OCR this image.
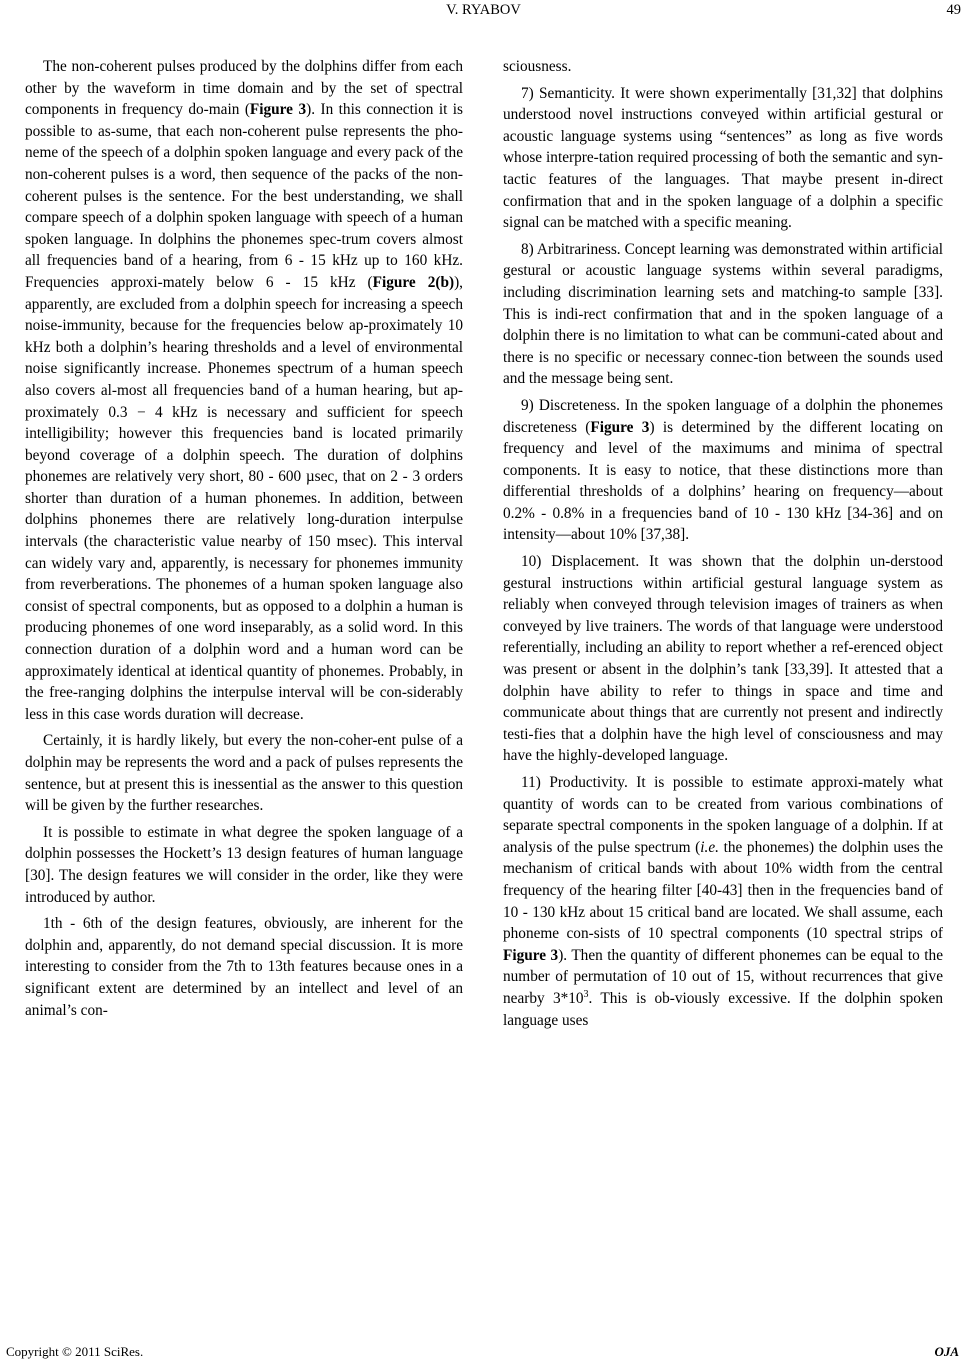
V. RYABOV	49

The non-coherent pulses produced by the dolphins differ from each other by the waveform in time domain and by the set of spectral components in frequency do-main (Figure 3). In this connection it is possible to as-sume, that each non-coherent pulse represents the pho-neme of the speech of a dolphin spoken language and every pack of the non-coherent pulses is a word, then sequence of the packs of the non-coherent pulses is the sentence. For the best understanding, we shall compare speech of a dolphin spoken language with speech of a human spoken language. In dolphins the phonemes spec-trum covers almost all frequencies band of a hearing, from 6 - 15 kHz up to 160 kHz. Frequencies approxi-mately below 6 - 15 kHz (Figure 2(b)), apparently, are excluded from a dolphin speech for increasing a speech noise-immunity, because for the frequencies below ap-proximately 10 kHz both a dolphin’s hearing thresholds and a level of environmental noise significantly increase. Phonemes spectrum of a human speech also covers al-most all frequencies band of a human hearing, but ap-proximately 0.3 − 4 kHz is necessary and sufficient for speech intelligibility; however this frequencies band is located primarily beyond coverage of a dolphin speech. The duration of dolphins phonemes are relatively very short, 80 - 600 µsec, that on 2 - 3 orders shorter than duration of a human phonemes. In addition, between dolphins phonemes there are relatively long-duration interpulse intervals (the characteristic value nearby of 150 msec). This interval can widely vary and, apparently, is necessary for phonemes immunity from reverberations. The phonemes of a human spoken language also consist of spectral components, but as opposed to a dolphin a human is producing phonemes of one word inseparably, as a solid word. In this connection duration of a dolphin word and a human word can be approximately identical at identical quantity of phonemes. Probably, in the free-ranging dolphins the interpulse interval will be con-siderably less in this case words duration will decrease.

Certainly, it is hardly likely, but every the non-coher-ent pulse of a dolphin may be represents the word and a pack of pulses represents the sentence, but at present this is inessential as the answer to this question will be given by the further researches.

It is possible to estimate in what degree the spoken language of a dolphin possesses the Hockett’s 13 design features of human language [30]. The design features we will consider in the order, like they were introduced by author.

1th - 6th of the design features, obviously, are inherent for the dolphin and, apparently, do not demand special discussion. It is more interesting to consider from the 7th to 13th features because ones in a significant extent are determined by an intellect and level of an animal’s con-

sciousness.

7) Semanticity. It were shown experimentally [31,32] that dolphins understood novel instructions conveyed within artificial gestural or acoustic language systems using “sentences” as long as five words whose interpre-tation required processing of both the semantic and syn-tactic features of the languages. That maybe present in-direct confirmation that and in the spoken language of a dolphin a specific signal can be matched with a specific meaning.

8) Arbitrariness. Concept learning was demonstrated within artificial gestural or acoustic language systems within several paradigms, including discrimination learning sets and matching-to sample [33]. This is indi-rect confirmation that and in the spoken language of a dolphin there is no limitation to what can be communi-cated about and there is no specific or necessary connec-tion between the sounds used and the message being sent.

9) Discreteness. In the spoken language of a dolphin the phonemes discreteness (Figure 3) is determined by the different locating on frequency and level of the maximums and minima of spectral components. It is easy to notice, that these distinctions more than differential thresholds of a dolphins’ hearing on frequency—about 0.2% - 0.8% in a frequencies band of 10 - 130 kHz [34-36] and on intensity—about 10% [37,38].

10) Displacement. It was shown that the dolphin un-derstood gestural instructions within artificial gestural language system as reliably when conveyed through television images of trainers as when conveyed by live trainers. The words of that language were understood referentially, including an ability to report whether a ref-erenced object was present or absent in the dolphin’s tank [33,39]. It attested that a dolphin have ability to refer to things in space and time and communicate about things that are currently not present and indirectly testi-fies that a dolphin have the high level of consciousness and may have the highly-developed language.

11) Productivity. It is possible to estimate approxi-mately what quantity of words can to be created from various combinations of separate spectral components in the spoken language of a dolphin. If at analysis of the pulse spectrum (i.e. the phonemes) the dolphin uses the mechanism of critical bands with about 10% width from the central frequency of the hearing filter [40-43] then in the frequencies band of 10 - 130 kHz about 15 critical band are located. We shall assume, each phoneme con-sists of 10 spectral components (10 spectral strips of Figure 3). Then the quantity of different phonemes can be equal to the number of permutation of 10 out of 15, without recurrences that give nearby $3*10^3$. This is ob-viously excessive. If the dolphin spoken language uses

Copyright © 2011 SciRes.	OJA
